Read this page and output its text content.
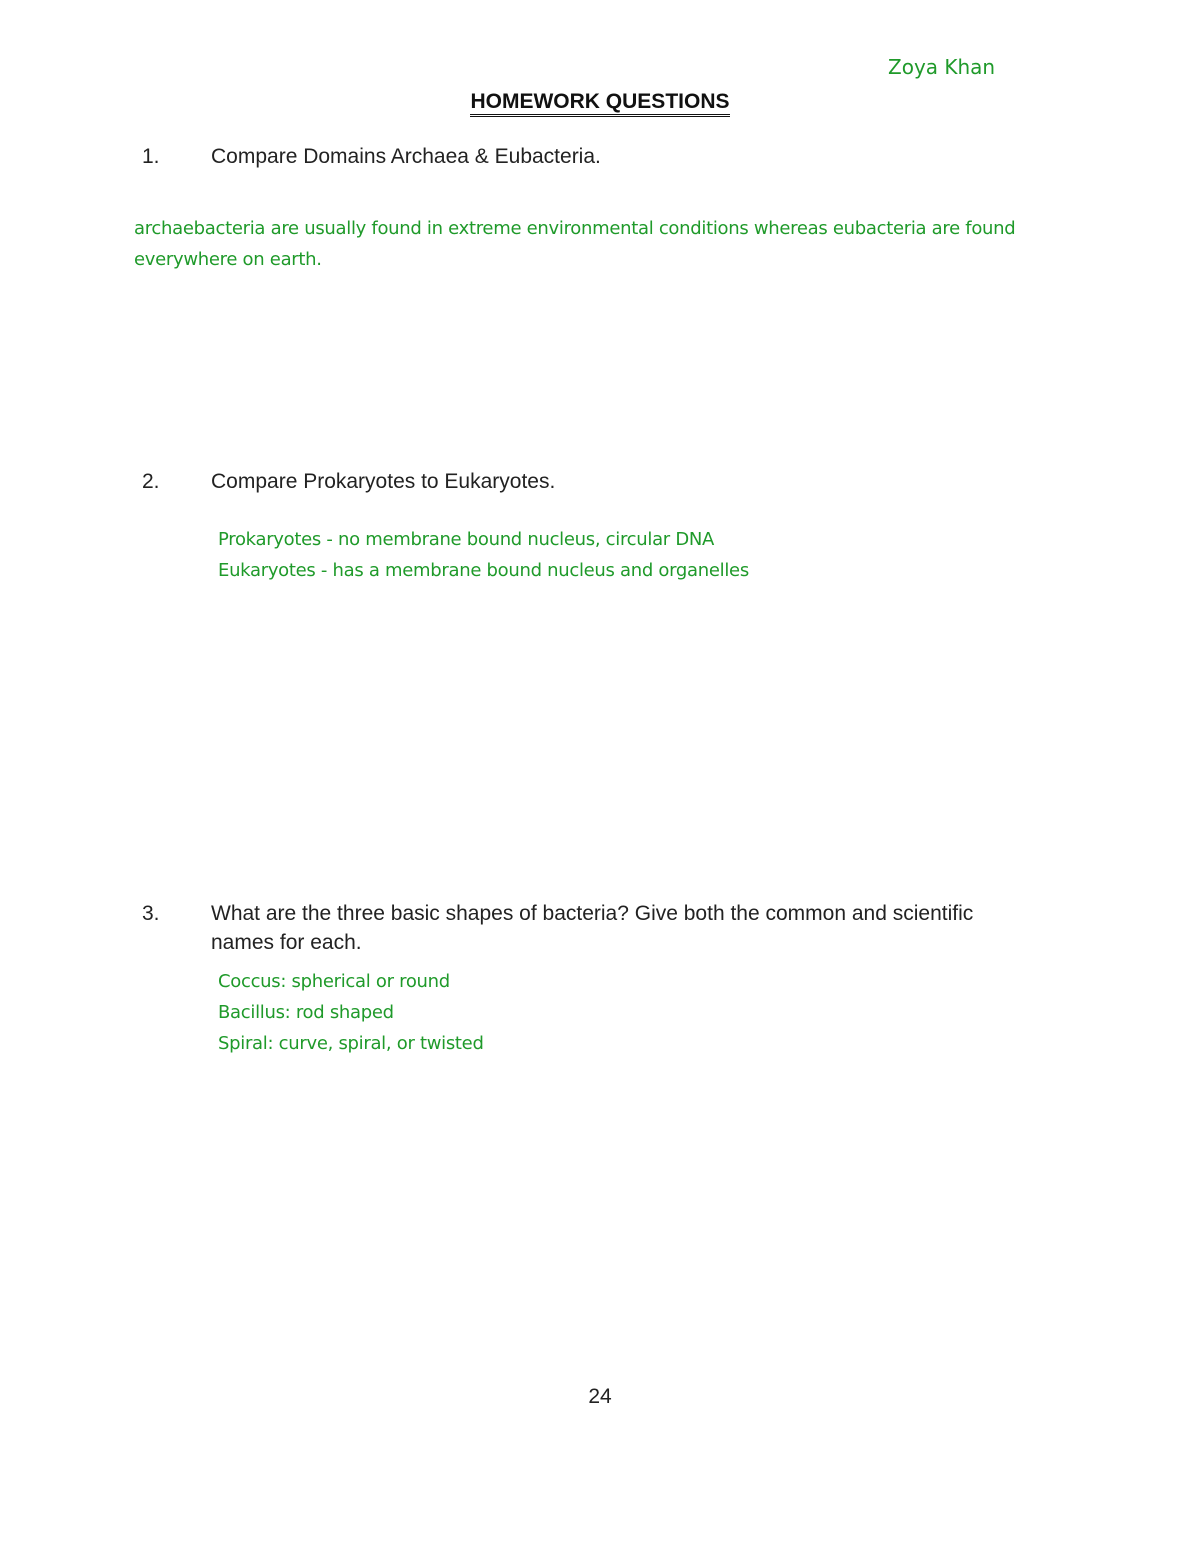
Zoya Khan
HOMEWORK QUESTIONS
1. Compare Domains Archaea & Eubacteria.
archaebacteria are usually found in extreme environmental conditions whereas eubacteria are found
everywhere on earth.
2. Compare Prokaryotes to Eukaryotes.
Prokaryotes - no membrane bound nucleus, circular DNA
Eukaryotes - has a membrane bound nucleus and organelles
3. What are the three basic shapes of bacteria? Give both the common and scientific names for each.
Coccus: spherical or round
Bacillus: rod shaped
Spiral: curve, spiral, or twisted
24
